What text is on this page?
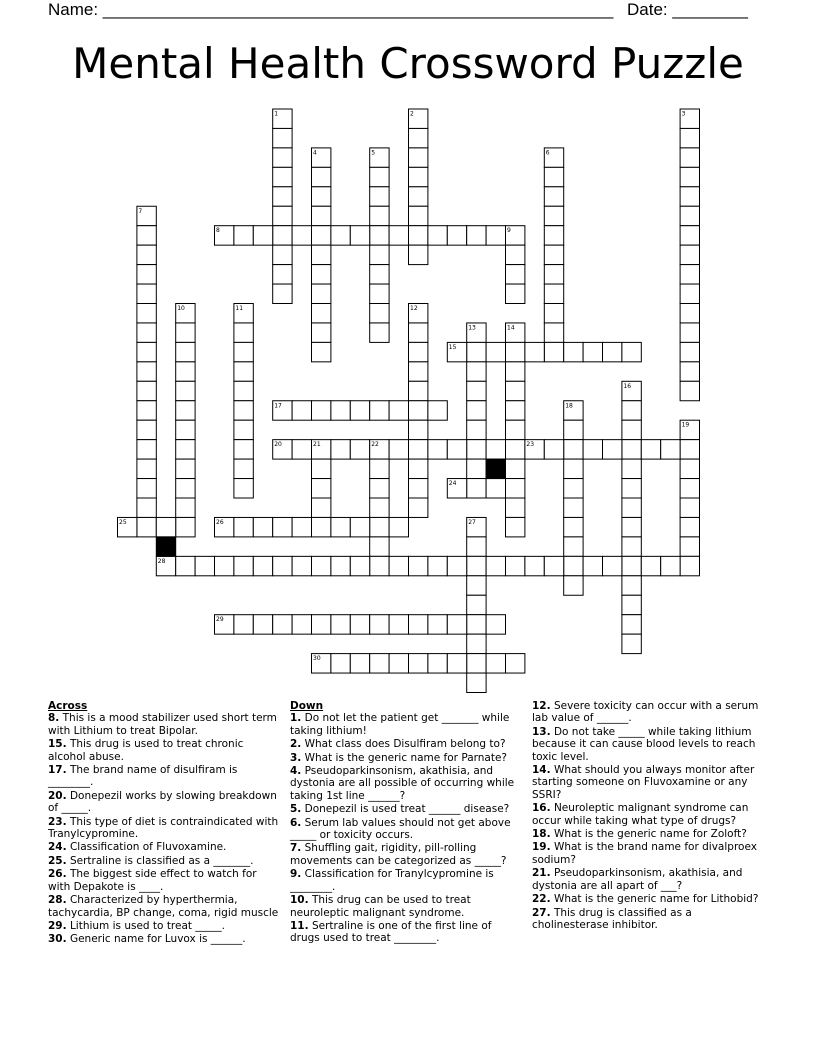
Name: ______________________________________________________ Date: ________
Mental Health Crossword Puzzle
1	2	3
4	5	6
7
8	9
10	11	12
13	14
15
16
17	18
19
20	21	22	23
24
25	26	27
28
29
30
Across
8. This is a mood stabilizer used short term with Lithium to treat Bipolar.
15. This drug is used to treat chronic alcohol abuse.
17. The brand name of disulfiram is ________.
20. Donepezil works by slowing breakdown of _____.
23. This type of diet is contraindicated with Tranylcypromine.
24. Classification of Fluvoxamine.
25. Sertraline is classified as a _______.
26. The biggest side effect to watch for with Depakote is ____.
28. Characterized by hyperthermia, tachycardia, BP change, coma, rigid muscle
29. Lithium is used to treat _____.
30. Generic name for Luvox is ______.
Down
1. Do not let the patient get _______ while taking lithium!
2. What class does Disulfiram belong to?
3. What is the generic name for Parnate?
4. Pseudoparkinsonism, akathisia, and dystonia are all possible of occurring while taking 1st line ______?
5. Donepezil is used treat ______ disease?
6. Serum lab values should not get above _____ or toxicity occurs.
7. Shuffling gait, rigidity, pill-rolling movements can be categorized as _____?
9. Classification for Tranylcypromine is ________.
10. This drug can be used to treat neuroleptic malignant syndrome.
11. Sertraline is one of the first line of drugs used to treat ________.
12. Severe toxicity can occur with a serum lab value of ______.
13. Do not take _____ while taking lithium because it can cause blood levels to reach toxic level.
14. What should you always monitor after starting someone on Fluvoxamine or any SSRI?
16. Neuroleptic malignant syndrome can occur while taking what type of drugs?
18. What is the generic name for Zoloft?
19. What is the brand name for divalproex sodium?
21. Pseudoparkinsonism, akathisia, and dystonia are all apart of ___?
22. What is the generic name for Lithobid?
27. This drug is classified as a cholinesterase inhibitor.
